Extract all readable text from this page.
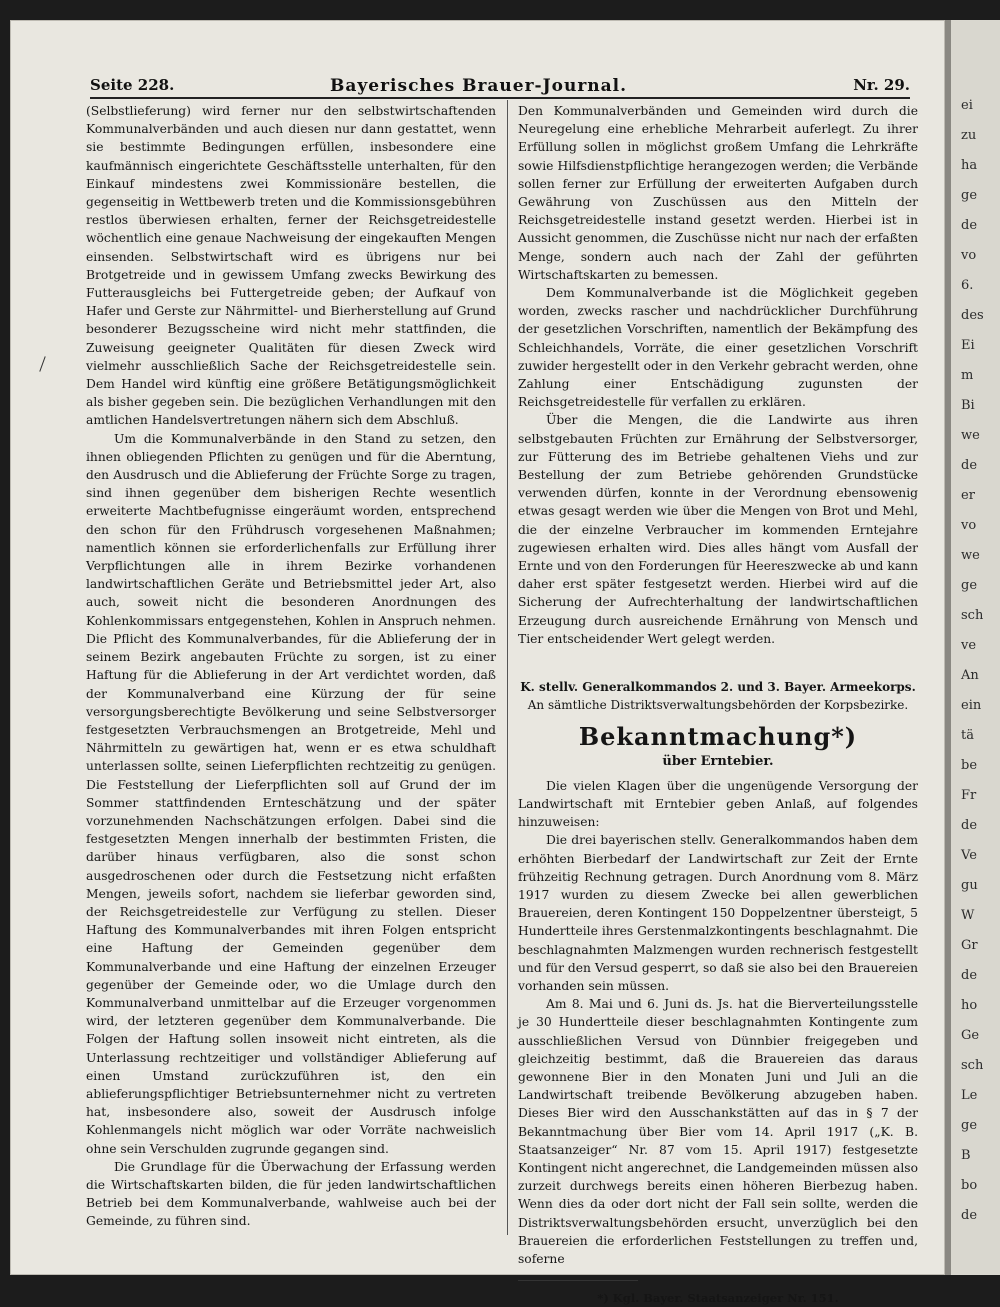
ei
zu
ha
ge
de
vo
6.
des
Ei
m
Bi
we
de
er
vo
we
ge
sch
ve
An
ein
tä
be
Fr
de
Ve
gu
W
Gr
de
ho
Ge
sch
Le
ge
B
bo
de
Seite 228.	Bayerisches Brauer-Journal.	Nr. 29.

(Selbstlieferung) wird ferner nur den selbstwirtschaftenden Kommunalverbänden und auch diesen nur dann gestattet, wenn sie bestimmte Bedingungen erfüllen, insbesondere eine kaufmännisch eingerichtete Geschäftsstelle unterhalten, für den Einkauf mindestens zwei Kommissionäre bestellen, die gegenseitig in Wettbewerb treten und die Kommissionsgebühren restlos überwiesen erhalten, ferner der Reichsgetreidestelle wöchentlich eine genaue Nachweisung der eingekauften Mengen einsenden. Selbstwirtschaft wird es übrigens nur bei Brotgetreide und in gewissem Umfang zwecks Bewirkung des Futterausgleichs bei Futtergetreide geben; der Aufkauf von Hafer und Gerste zur Nährmittel- und Bierherstellung auf Grund besonderer Bezugsscheine wird nicht mehr stattfinden, die Zuweisung geeigneter Qualitäten für diesen Zweck wird vielmehr ausschließlich Sache der Reichsgetreidestelle sein. Dem Handel wird künftig eine größere Betätigungsmöglichkeit als bisher gegeben sein. Die bezüglichen Verhandlungen mit den amtlichen Handelsvertretungen nähern sich dem Abschluß.

Um die Kommunalverbände in den Stand zu setzen, den ihnen obliegenden Pflichten zu genügen und für die Aberntung, den Ausdrusch und die Ablieferung der Früchte Sorge zu tragen, sind ihnen gegenüber dem bisherigen Rechte wesentlich erweiterte Machtbefugnisse eingeräumt worden, entsprechend den schon für den Frühdrusch vorgesehenen Maßnahmen; namentlich können sie erforderlichenfalls zur Erfüllung ihrer Verpflichtungen alle in ihrem Bezirke vorhandenen landwirtschaftlichen Geräte und Betriebsmittel jeder Art, also auch, soweit nicht die besonderen Anordnungen des Kohlenkommissars entgegenstehen, Kohlen in Anspruch nehmen. Die Pflicht des Kommunalverbandes, für die Ablieferung der in seinem Bezirk angebauten Früchte zu sorgen, ist zu einer Haftung für die Ablieferung in der Art verdichtet worden, daß der Kommunalverband eine Kürzung der für seine versorgungsberechtigte Bevölkerung und seine Selbstversorger festgesetzten Verbrauchsmengen an Brotgetreide, Mehl und Nährmitteln zu gewärtigen hat, wenn er es etwa schuldhaft unterlassen sollte, seinen Lieferpflichten rechtzeitig zu genügen. Die Feststellung der Lieferpflichten soll auf Grund der im Sommer stattfindenden Ernteschätzung und der später vorzunehmenden Nachschätzungen erfolgen. Dabei sind die festgesetzten Mengen innerhalb der bestimmten Fristen, die darüber hinaus verfügbaren, also die sonst schon ausgedroschenen oder durch die Festsetzung nicht erfaßten Mengen, jeweils sofort, nachdem sie lieferbar geworden sind, der Reichsgetreidestelle zur Verfügung zu stellen. Dieser Haftung des Kommunalverbandes mit ihren Folgen entspricht eine Haftung der Gemeinden gegenüber dem Kommunalverbande und eine Haftung der einzelnen Erzeuger gegenüber der Gemeinde oder, wo die Umlage durch den Kommunalverband unmittelbar auf die Erzeuger vorgenommen wird, der letzteren gegenüber dem Kommunalverbande. Die Folgen der Haftung sollen insoweit nicht eintreten, als die Unterlassung rechtzeitiger und vollständiger Ablieferung auf einen Umstand zurückzuführen ist, den ein ablieferungspflichtiger Betriebsunternehmer nicht zu vertreten hat, insbesondere also, soweit der Ausdrusch infolge Kohlenmangels nicht möglich war oder Vorräte nachweislich ohne sein Verschulden zugrunde gegangen sind.

Die Grundlage für die Überwachung der Erfassung werden die Wirtschaftskarten bilden, die für jeden landwirtschaftlichen Betrieb bei dem Kommunalverbande, wahlweise auch bei der Gemeinde, zu führen sind.

Den Kommunalverbänden und Gemeinden wird durch die Neuregelung eine erhebliche Mehrarbeit auferlegt. Zu ihrer Erfüllung sollen in möglichst großem Umfang die Lehrkräfte sowie Hilfsdienstpflichtige herangezogen werden; die Verbände sollen ferner zur Erfüllung der erweiterten Aufgaben durch Gewährung von Zuschüssen aus den Mitteln der Reichsgetreidestelle instand gesetzt werden. Hierbei ist in Aussicht genommen, die Zuschüsse nicht nur nach der erfaßten Menge, sondern auch nach der Zahl der geführten Wirtschaftskarten zu bemessen.

Dem Kommunalverbande ist die Möglichkeit gegeben worden, zwecks rascher und nachdrücklicher Durchführung der gesetzlichen Vorschriften, namentlich der Bekämpfung des Schleichhandels, Vorräte, die einer gesetzlichen Vorschrift zuwider hergestellt oder in den Verkehr gebracht werden, ohne Zahlung einer Entschädigung zugunsten der Reichsgetreidestelle für verfallen zu erklären.

Über die Mengen, die die Landwirte aus ihren selbstgebauten Früchten zur Ernährung der Selbstversorger, zur Fütterung des im Betriebe gehaltenen Viehs und zur Bestellung der zum Betriebe gehörenden Grundstücke verwenden dürfen, konnte in der Verordnung ebensowenig etwas gesagt werden wie über die Mengen von Brot und Mehl, die der einzelne Verbraucher im kommenden Erntejahre zugewiesen erhalten wird. Dies alles hängt vom Ausfall der Ernte und von den Forderungen für Heereszwecke ab und kann daher erst später festgesetzt werden. Hierbei wird auf die Sicherung der Aufrechterhaltung der landwirtschaftlichen Erzeugung durch ausreichende Ernährung von Mensch und Tier entscheidender Wert gelegt werden.

K. stellv. Generalkommandos 2. und 3. Bayer. Armeekorps.
An sämtliche Distriktsverwaltungsbehörden der Korpsbezirke.
Bekanntmachung*)
über Erntebier.

Die vielen Klagen über die ungenügende Versorgung der Landwirtschaft mit Erntebier geben Anlaß, auf folgendes hinzuweisen:

Die drei bayerischen stellv. Generalkommandos haben dem erhöhten Bierbedarf der Landwirtschaft zur Zeit der Ernte frühzeitig Rechnung getragen. Durch Anordnung vom 8. März 1917 wurden zu diesem Zwecke bei allen gewerblichen Brauereien, deren Kontingent 150 Doppelzentner übersteigt, 5 Hundertteile ihres Gerstenmalzkontingents beschlagnahmt. Die beschlagnahmten Malzmengen wurden rechnerisch festgestellt und für den Versud gesperrt, so daß sie also bei den Brauereien vorhanden sein müssen.

Am 8. Mai und 6. Juni ds. Js. hat die Bierverteilungsstelle je 30 Hundertteile dieser beschlagnahmten Kontingente zum ausschließlichen Versud von Dünnbier freigegeben und gleichzeitig bestimmt, daß die Brauereien das daraus gewonnene Bier in den Monaten Juni und Juli an die Landwirtschaft treibende Bevölkerung abzugeben haben. Dieses Bier wird den Ausschankstätten auf das in § 7 der Bekanntmachung über Bier vom 14. April 1917 („K. B. Staatsanzeiger“ Nr. 87 vom 15. April 1917) festgesetzte Kontingent nicht angerechnet, die Landgemeinden müssen also zurzeit durchwegs bereits einen höheren Bierbezug haben. Wenn dies da oder dort nicht der Fall sein sollte, werden die Distriktsverwaltungsbehörden ersucht, unverzüglich bei den Brauereien die erforderlichen Feststellungen zu treffen und, soferne

*) Kgl. Bayer. Staatsanzeiger Nr. 151.
